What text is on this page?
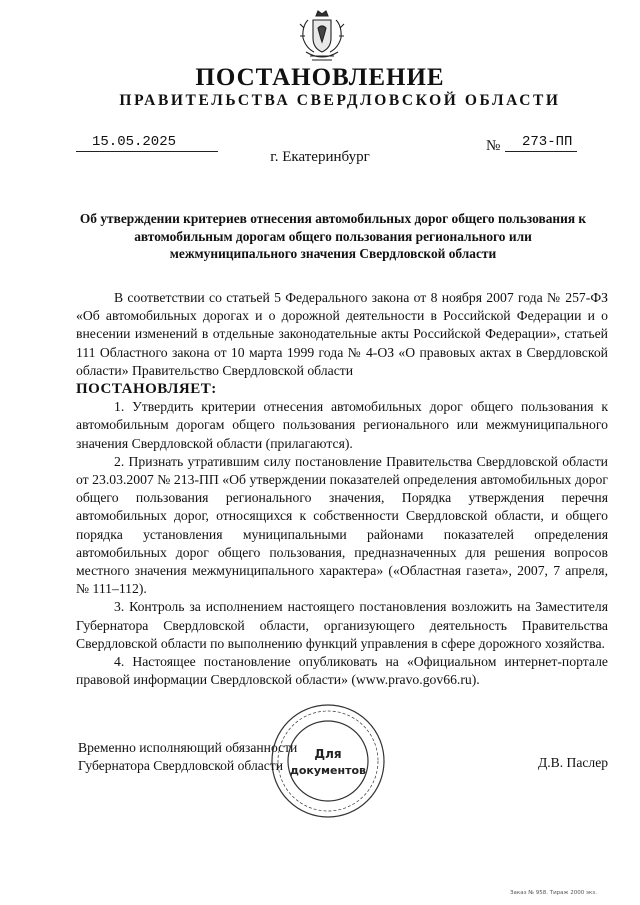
ПОСТАНОВЛЕНИЕ
ПРАВИТЕЛЬСТВА СВЕРДЛОВСКОЙ ОБЛАСТИ
15.05.2025	№ 273-ПП
г. Екатеринбург
Об утверждении критериев отнесения автомобильных дорог общего пользования к автомобильным дорогам общего пользования регионального или межмуниципального значения Свердловской области

В соответствии со статьей 5 Федерального закона от 8 ноября 2007 года № 257-ФЗ «Об автомобильных дорогах и о дорожной деятельности в Российской Федерации и о внесении изменений в отдельные законодательные акты Российской Федерации», статьей 111 Областного закона от 10 марта 1999 года № 4-ОЗ «О правовых актах в Свердловской области» Правительство Свердловской области

ПОСТАНОВЛЯЕТ:

1. Утвердить критерии отнесения автомобильных дорог общего пользования к автомобильным дорогам общего пользования регионального или межмуниципального значения Свердловской области (прилагаются).

2. Признать утратившим силу постановление Правительства Свердловской области от 23.03.2007 № 213-ПП «Об утверждении показателей определения автомобильных дорог общего пользования регионального значения, Порядка утверждения перечня автомобильных дорог, относящихся к собственности Свердловской области, и общего порядка установления муниципальными районами показателей определения автомобильных дорог общего пользования, предназначенных для решения вопросов местного значения межмуниципального характера» («Областная газета», 2007, 7 апреля, № 111–112).

3. Контроль за исполнением настоящего постановления возложить на Заместителя Губернатора Свердловской области, организующего деятельность Правительства Свердловской области по выполнению функций управления в сфере дорожного хозяйства.

4. Настоящее постановление опубликовать на «Официальном интернет-портале правовой информации Свердловской области» (www.pravo.gov66.ru).

Для
документов
Временно исполняющий обязанности
Губернатора Свердловской области	Д.В. Паслер
Заказ № 958. Тираж 2000 экз.
